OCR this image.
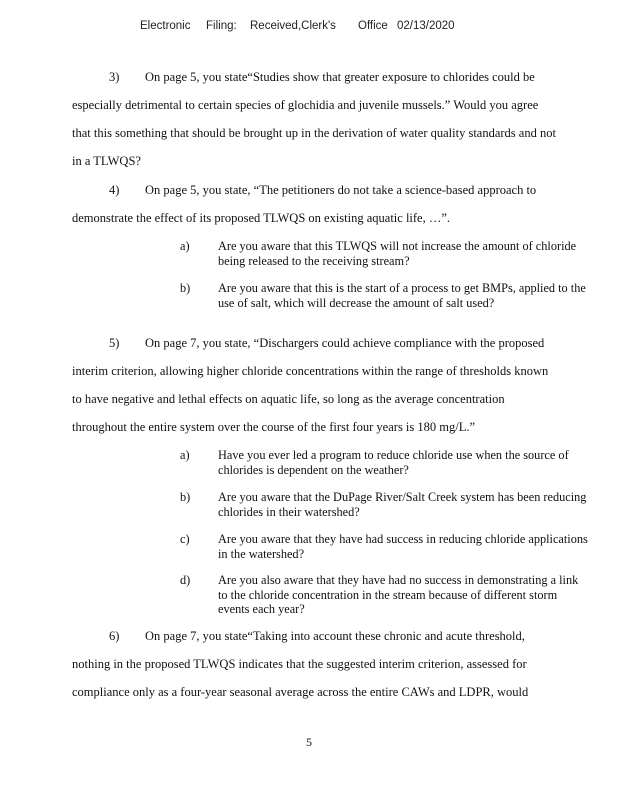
Electronic Filing: Received,Clerk's Office 02/13/2020
3) On page 5, you state“Studies show that greater exposure to chlorides could be
especially detrimental to certain species of glochidia and juvenile mussels.” Would you agree
that this something that should be brought up in the derivation of water quality standards and not
in a TLWQS?
4) On page 5, you state, “The petitioners do not take a science-based approach to
demonstrate the effect of its proposed TLWQS on existing aquatic life, …”.
a) Are you aware that this TLWQS will not increase the amount of chloride being released to the receiving stream?
b) Are you aware that this is the start of a process to get BMPs, applied to the use of salt, which will decrease the amount of salt used?
5) On page 7, you state, “Dischargers could achieve compliance with the proposed
interim criterion, allowing higher chloride concentrations within the range of thresholds known
to have negative and lethal effects on aquatic life, so long as the average concentration
throughout the entire system over the course of the first four years is 180 mg/L.”
a) Have you ever led a program to reduce chloride use when the source of chlorides is dependent on the weather?
b) Are you aware that the DuPage River/Salt Creek system has been reducing chlorides in their watershed?
c) Are you aware that they have had success in reducing chloride applications in the watershed?
d) Are you also aware that they have had no success in demonstrating a link to the chloride concentration in the stream because of different storm events each year?
6) On page 7, you state“Taking into account these chronic and acute threshold,
nothing in the proposed TLWQS indicates that the suggested interim criterion, assessed for
compliance only as a four-year seasonal average across the entire CAWs and LDPR, would
5
